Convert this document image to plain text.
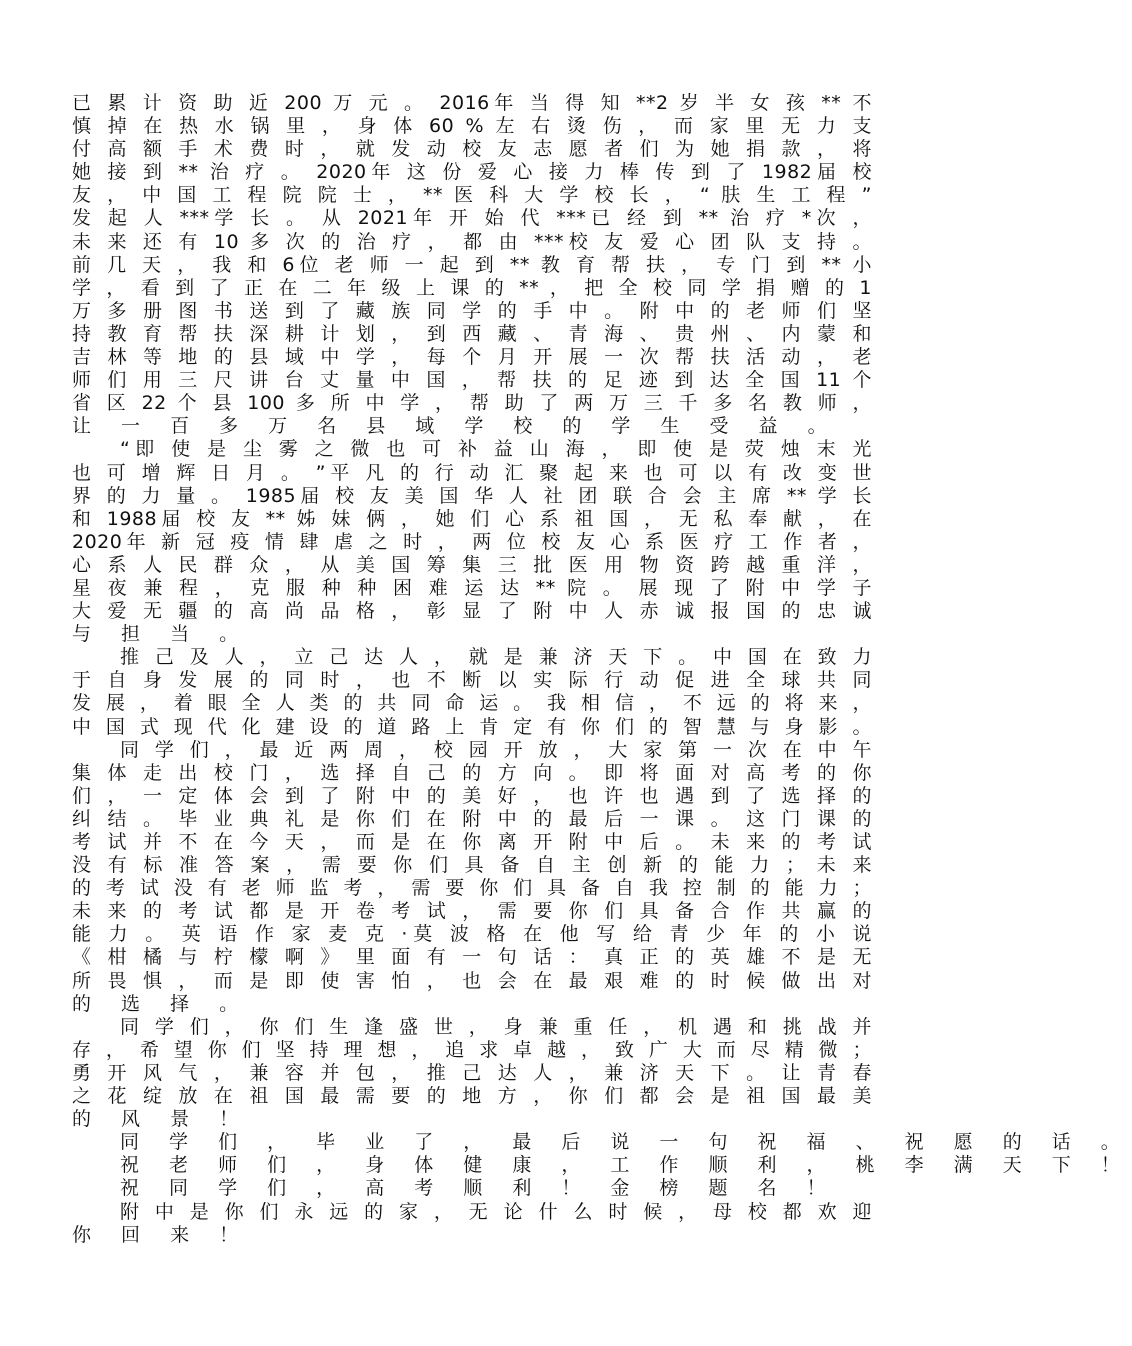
已 累 计 资 助 近 200 万 元 。 2016年 当 得 知 **2 岁 半 女 孩 ** 不
慎 掉 在 热 水 锅 里 ， 身 体 60 % 左 右 烫 伤 ， 而 家 里 无 力 支
付 高 额 手 术 费 时 ， 就 发 动 校 友 志 愿 者 们 为 她 捐 款 ， 将
她 接 到 ** 治 疗 。 2020年 这 份 爱 心 接 力 棒 传 到 了 1982届 校
友 ， 中 国 工 程 院 院 士 ， ** 医 科 大 学 校 长 ， “ 肤 生 工 程 ”
发 起 人 ***学 长 。 从 2021年 开 始 代 ***已 经 到 ** 治 疗 *次 ，
未 来 还 有 10 多 次 的 治 疗 ， 都 由 ***校 友 爱 心 团 队 支 持 。
前 几 天 ， 我 和 6位 老 师 一 起 到 ** 教 育 帮 扶 ， 专 门 到 ** 小
学 ， 看 到 了 正 在 二 年 级 上 课 的 ** ， 把 全 校 同 学 捐 赠 的 1
万 多 册 图 书 送 到 了 藏 族 同 学 的 手 中 。 附 中 的 老 师 们 坚
持 教 育 帮 扶 深 耕 计 划 ， 到 西 藏 、 青 海 、 贵 州 、 内 蒙 和
吉 林 等 地 的 县 域 中 学 ， 每 个 月 开 展 一 次 帮 扶 活 动 ， 老
师 们 用 三 尺 讲 台 丈 量 中 国 ， 帮 扶 的 足 迹 到 达 全 国 11 个
省 区 22 个 县 100 多 所 中 学 ， 帮 助 了 两 万 三 千 多 名 教 师 ，
让 一 百 多 万 名 县 域 学 校 的 学 生 受 益 。
“即 使 是 尘 雾 之 微 也 可 补 益 山 海 ， 即 使 是 荧 烛 末 光
也 可 增 辉 日 月 。 ”平 凡 的 行 动 汇 聚 起 来 也 可 以 有 改 变 世
界 的 力 量 。 1985届 校 友 美 国 华 人 社 团 联 合 会 主 席 ** 学 长
和 1988届 校 友 ** 姊 妹 俩 ， 她 们 心 系 祖 国 ， 无 私 奉 献 ， 在
2020年 新 冠 疫 情 肆 虐 之 时 ， 两 位 校 友 心 系 医 疗 工 作 者 ，
心 系 人 民 群 众 ， 从 美 国 筹 集 三 批 医 用 物 资 跨 越 重 洋 ，
星 夜 兼 程 ， 克 服 种 种 困 难 运 达 ** 院 。 展 现 了 附 中 学 子
大 爱 无 疆 的 高 尚 品 格 ， 彰 显 了 附 中 人 赤 诚 报 国 的 忠 诚
与 担 当 。
推 己 及 人 ， 立 己 达 人 ， 就 是 兼 济 天 下 。 中 国 在 致 力
于 自 身 发 展 的 同 时 ， 也 不 断 以 实 际 行 动 促 进 全 球 共 同
发 展 ， 着 眼 全 人 类 的 共 同 命 运 。 我 相 信 ， 不 远 的 将 来 ，
中 国 式 现 代 化 建 设 的 道 路 上 肯 定 有 你 们 的 智 慧 与 身 影 。
同 学 们 ， 最 近 两 周 ， 校 园 开 放 ， 大 家 第 一 次 在 中 午
集 体 走 出 校 门 ， 选 择 自 己 的 方 向 。 即 将 面 对 高 考 的 你
们 ， 一 定 体 会 到 了 附 中 的 美 好 ， 也 许 也 遇 到 了 选 择 的
纠 结 。 毕 业 典 礼 是 你 们 在 附 中 的 最 后 一 课 。 这 门 课 的
考 试 并 不 在 今 天 ， 而 是 在 你 离 开 附 中 后 。 未 来 的 考 试
没 有 标 准 答 案 ， 需 要 你 们 具 备 自 主 创 新 的 能 力 ； 未 来
的 考 试 没 有 老 师 监 考 ， 需 要 你 们 具 备 自 我 控 制 的 能 力 ；
未 来 的 考 试 都 是 开 卷 考 试 ， 需 要 你 们 具 备 合 作 共 赢 的
能 力 。 英 语 作 家 麦 克 ·莫 波 格 在 他 写 给 青 少 年 的 小 说
《 柑 橘 与 柠 檬 啊 》 里 面 有 一 句 话 ： 真 正 的 英 雄 不 是 无
所 畏 惧 ， 而 是 即 使 害 怕 ， 也 会 在 最 艰 难 的 时 候 做 出 对
的 选 择 。
同 学 们 ， 你 们 生 逢 盛 世 ， 身 兼 重 任 ， 机 遇 和 挑 战 并
存 ， 希 望 你 们 坚 持 理 想 ， 追 求 卓 越 ， 致 广 大 而 尽 精 微 ；
勇 开 风 气 ， 兼 容 并 包 ， 推 己 达 人 ， 兼 济 天 下 。 让 青 春
之 花 绽 放 在 祖 国 最 需 要 的 地 方 ， 你 们 都 会 是 祖 国 最 美
的 风 景 ！
同 学 们 ， 毕 业 了 ， 最 后 说 一 句 祝 福 、 祝 愿 的 话 。
祝 老 师 们 ， 身 体 健 康 ， 工 作 顺 利 ， 桃 李 满 天 下 ！
祝 同 学 们 ， 高 考 顺 利 ！ 金 榜 题 名 ！
附 中 是 你 们 永 远 的 家 ， 无 论 什 么 时 候 ， 母 校 都 欢 迎
你 回 来 ！
